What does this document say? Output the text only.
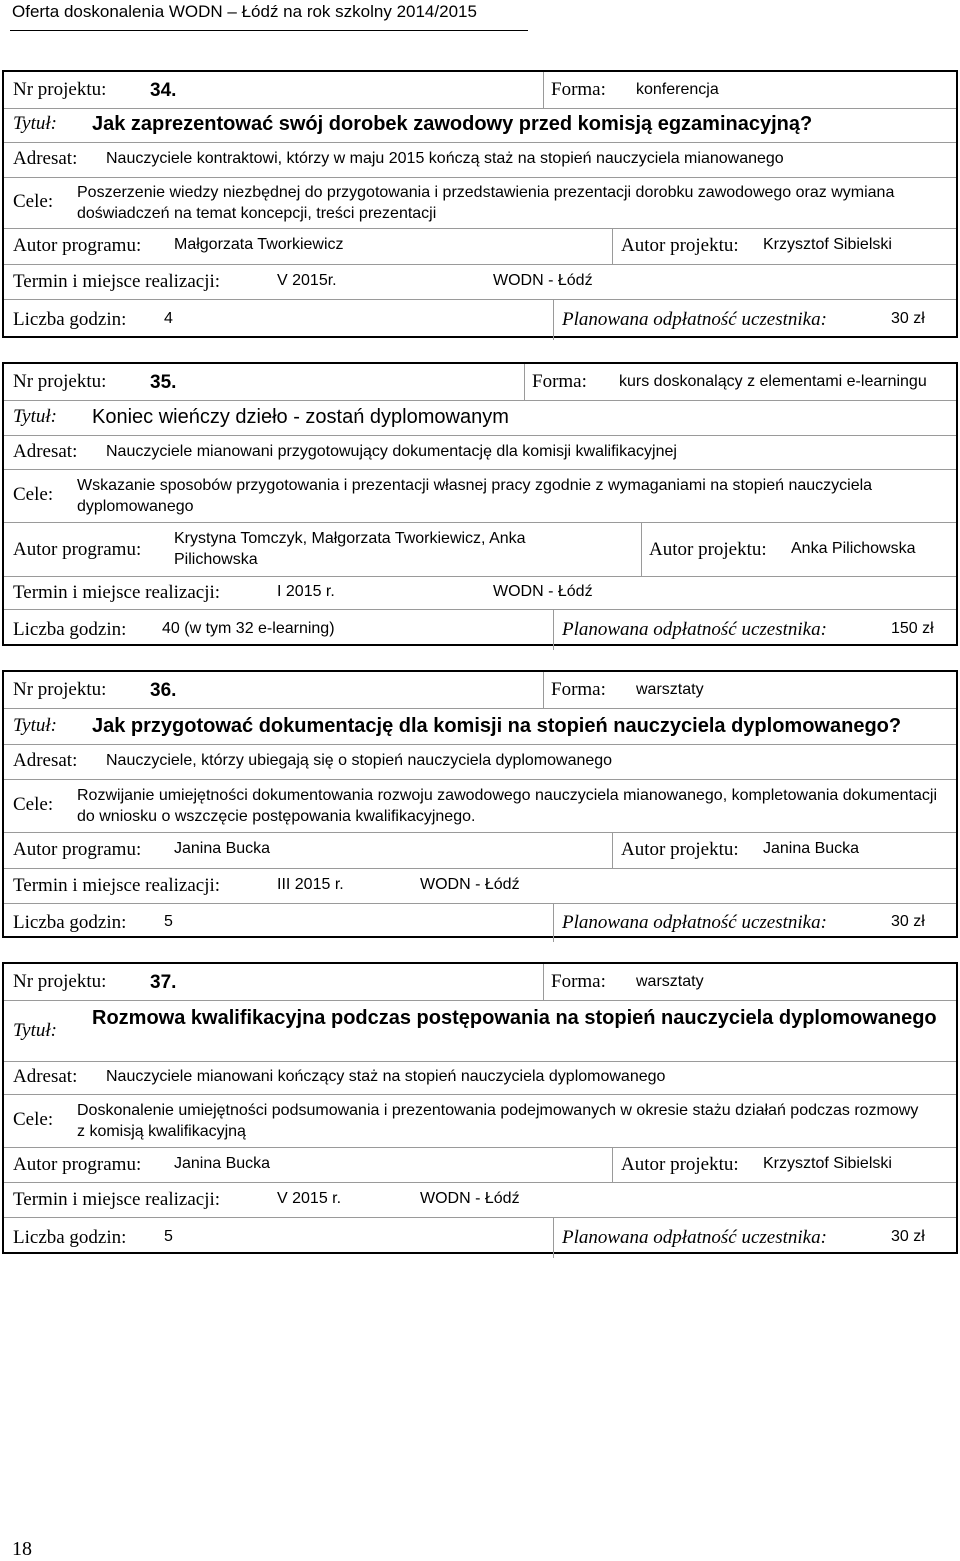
Oferta doskonalenia WODN – Łódź na rok szkolny 2014/2015
Nr projektu: 34.	Forma: konferencja
Tytuł: Jak zaprezentować swój dorobek zawodowy przed komisją egzaminacyjną?
Adresat: Nauczyciele kontraktowi, którzy w maju 2015 kończą staż na stopień nauczyciela mianowanego
Cele: Poszerzenie wiedzy niezbędnej do przygotowania i przedstawienia prezentacji dorobku zawodowego oraz wymiana doświadczeń na temat koncepcji, treści prezentacji
Autor programu: Małgorzata Tworkiewicz	Autor projektu: Krzysztof Sibielski
Termin i miejsce realizacji:	V 2015r.	WODN - Łódź
Liczba godzin: 4	Planowana odpłatność uczestnika:	30 zł
Nr projektu: 35.	Forma: kurs doskonalący z elementami e-learningu
Tytuł: Koniec wieńczy dzieło - zostań dyplomowanym
Adresat: Nauczyciele mianowani przygotowujący dokumentację dla komisji kwalifikacyjnej
Cele: Wskazanie sposobów przygotowania i prezentacji własnej pracy zgodnie z wymaganiami na stopień nauczyciela dyplomowanego
Autor programu:
Krystyna Tomczyk, Małgorzata Tworkiewicz, Anka Pilichowska	Autor projektu: Anka Pilichowska
Termin i miejsce realizacji:	I 2015 r.	WODN - Łódź
Liczba godzin: 40 (w tym 32 e-learning)	Planowana odpłatność uczestnika:	150 zł
Nr projektu: 36.	Forma: warsztaty
Tytuł: Jak przygotować dokumentację dla komisji na stopień nauczyciela dyplomowanego?
Adresat: Nauczyciele, którzy ubiegają się o stopień nauczyciela dyplomowanego
Cele: Rozwijanie umiejętności dokumentowania rozwoju zawodowego nauczyciela mianowanego, kompletowania dokumentacji do wniosku o wszczęcie postępowania kwalifikacyjnego.
Autor programu: Janina Bucka	Autor projektu: Janina Bucka
Termin i miejsce realizacji:	III 2015 r.	WODN - Łódź
Liczba godzin: 5	Planowana odpłatność uczestnika:	30 zł
Nr projektu: 37.	Forma: warsztaty
Tytuł:
Rozmowa kwalifikacyjna podczas postępowania na stopień nauczyciela dyplomowanego
Adresat: Nauczyciele mianowani kończący staż na stopień nauczyciela dyplomowanego
Cele: Doskonalenie umiejętności podsumowania i prezentowania podejmowanych w okresie stażu działań podczas rozmowy z komisją kwalifikacyjną
Autor programu: Janina Bucka	Autor projektu: Krzysztof Sibielski
Termin i miejsce realizacji:	V 2015 r.	WODN - Łódź
Liczba godzin: 5	Planowana odpłatność uczestnika:	30 zł
18
